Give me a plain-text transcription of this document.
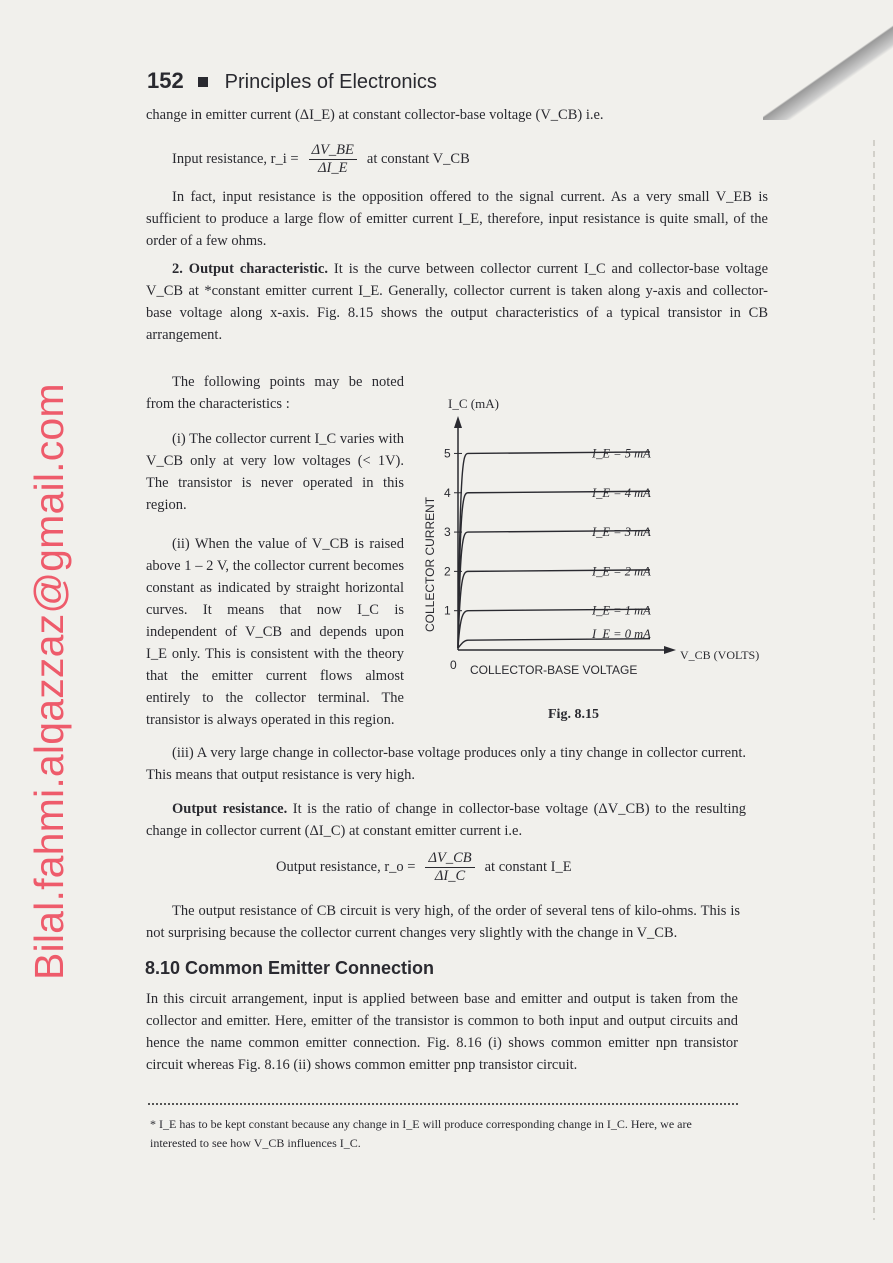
Bilal.fahmi.alqazzaz@gmail.com
152 Principles of Electronics
change in emitter current (ΔI_E) at constant collector-base voltage (V_CB) i.e.
Input resistance, r_i = $\frac{\Delta V\_BE}{\Delta I\_E}$ at constant V_CB
In fact, input resistance is the opposition offered to the signal current. As a very small V_EB is sufficient to produce a large flow of emitter current I_E, therefore, input resistance is quite small, of the order of a few ohms.
2. Output characteristic. It is the curve between collector current I_C and collector-base voltage V_CB at *constant emitter current I_E. Generally, collector current is taken along y-axis and collector-base voltage along x-axis. Fig. 8.15 shows the output characteristics of a typical transistor in CB arrangement.
The following points may be noted from the characteristics :
(i) The collector current I_C varies with V_CB only at very low voltages (< 1V). The transistor is never operated in this region.
(ii) When the value of V_CB is raised above 1 – 2 V, the collector current becomes constant as indicated by straight horizontal curves. It means that now I_C is independent of V_CB and depends upon I_E only. This is consistent with the theory that the emitter current flows almost entirely to the collector terminal. The transistor is always operated in this region.
I_C (mA)
COLLECTOR CURRENT
COLLECTOR-BASE VOLTAGE
V_CB (VOLTS)
0
1
2
3
4
5	I_E = 5 mA
I_E = 4 mA
I_E = 3 mA
I_E = 2 mA
I_E = 1 mA
I_E = 0 mA
Fig. 8.15
(iii) A very large change in collector-base voltage produces only a tiny change in collector current. This means that output resistance is very high.
Output resistance. It is the ratio of change in collector-base voltage (ΔV_CB) to the resulting change in collector current (ΔI_C) at constant emitter current i.e.
Output resistance, r_o = $\frac{\Delta V\_CB}{\Delta I\_C}$ at constant I_E
The output resistance of CB circuit is very high, of the order of several tens of kilo-ohms. This is not surprising because the collector current changes very slightly with the change in V_CB.
8.10 Common Emitter Connection
In this circuit arrangement, input is applied between base and emitter and output is taken from the collector and emitter. Here, emitter of the transistor is common to both input and output circuits and hence the name common emitter connection. Fig. 8.16 (i) shows common emitter npn transistor circuit whereas Fig. 8.16 (ii) shows common emitter pnp transistor circuit.
* I_E has to be kept constant because any change in I_E will produce corresponding change in I_C. Here, we are interested to see how V_CB influences I_C.
